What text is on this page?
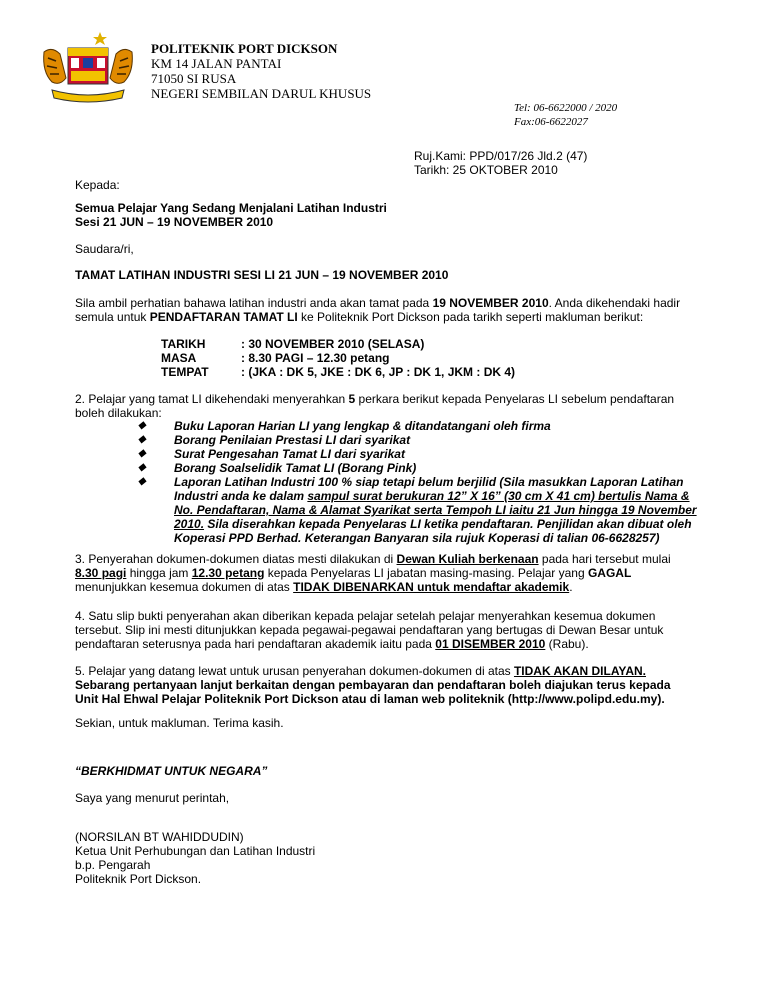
POLITEKNIK PORT DICKSON
KM 14 JALAN PANTAI
71050 SI RUSA
NEGERI SEMBILAN DARUL KHUSUS
Tel: 06-6622000 / 2020
Fax:06-6622027
Ruj.Kami: PPD/017/26 Jld.2 (47)
Tarikh: 25 OKTOBER 2010
Kepada:
Semua Pelajar Yang Sedang Menjalani Latihan Industri
Sesi 21 JUN – 19 NOVEMBER 2010
Saudara/ri,
TAMAT LATIHAN INDUSTRI SESI LI 21 JUN – 19 NOVEMBER 2010
Sila ambil perhatian bahawa latihan industri anda akan tamat pada 19 NOVEMBER 2010. Anda dikehendaki hadir semula untuk PENDAFTARAN TAMAT LI ke Politeknik Port Dickson pada tarikh seperti makluman berikut:
TARIKH	: 30 NOVEMBER 2010 (SELASA)
MASA	: 8.30 PAGI – 12.30 petang
TEMPAT	: (JKA : DK 5, JKE : DK 6, JP : DK 1, JKM : DK 4)
2. Pelajar yang tamat LI dikehendaki menyerahkan 5 perkara berikut kepada Penyelaras LI sebelum pendaftaran boleh dilakukan:
◆	Buku Laporan Harian LI yang lengkap & ditandatangani oleh firma
◆	Borang Penilaian Prestasi LI dari syarikat
◆	Surat Pengesahan Tamat LI dari syarikat
◆	Borang Soalselidik Tamat LI (Borang Pink)
◆	Laporan Latihan Industri 100 % siap tetapi belum berjilid (Sila masukkan Laporan Latihan Industri anda ke dalam sampul surat berukuran 12” X 16” (30 cm X 41 cm) bertulis Nama & No. Pendaftaran, Nama & Alamat Syarikat serta Tempoh LI iaitu 21 Jun hingga 19 November 2010. Sila diserahkan kepada Penyelaras LI ketika pendaftaran. Penjilidan akan dibuat oleh Koperasi PPD Berhad. Keterangan Banyaran sila rujuk Koperasi di talian 06-6628257)
3. Penyerahan dokumen-dokumen diatas mesti dilakukan di Dewan Kuliah berkenaan pada hari tersebut mulai 8.30 pagi hingga jam 12.30 petang kepada Penyelaras LI jabatan masing-masing. Pelajar yang GAGAL menunjukkan kesemua dokumen di atas TIDAK DIBENARKAN untuk mendaftar akademik.
4. Satu slip bukti penyerahan akan diberikan kepada pelajar setelah pelajar menyerahkan kesemua dokumen tersebut. Slip ini mesti ditunjukkan kepada pegawai-pegawai pendaftaran yang bertugas di Dewan Besar untuk pendaftaran seterusnya pada hari pendaftaran akademik iaitu pada 01 DISEMBER 2010 (Rabu).
5. Pelajar yang datang lewat untuk urusan penyerahan dokumen-dokumen di atas TIDAK AKAN DILAYAN. Sebarang pertanyaan lanjut berkaitan dengan pembayaran dan pendaftaran boleh diajukan terus kepada Unit Hal Ehwal Pelajar Politeknik Port Dickson atau di laman web politeknik (http://www.polipd.edu.my).
Sekian, untuk makluman. Terima kasih.
“BERKHIDMAT UNTUK NEGARA”
Saya yang menurut perintah,
(NORSILAN BT WAHIDDUDIN)
Ketua Unit Perhubungan dan Latihan Industri
b.p. Pengarah
Politeknik Port Dickson.
